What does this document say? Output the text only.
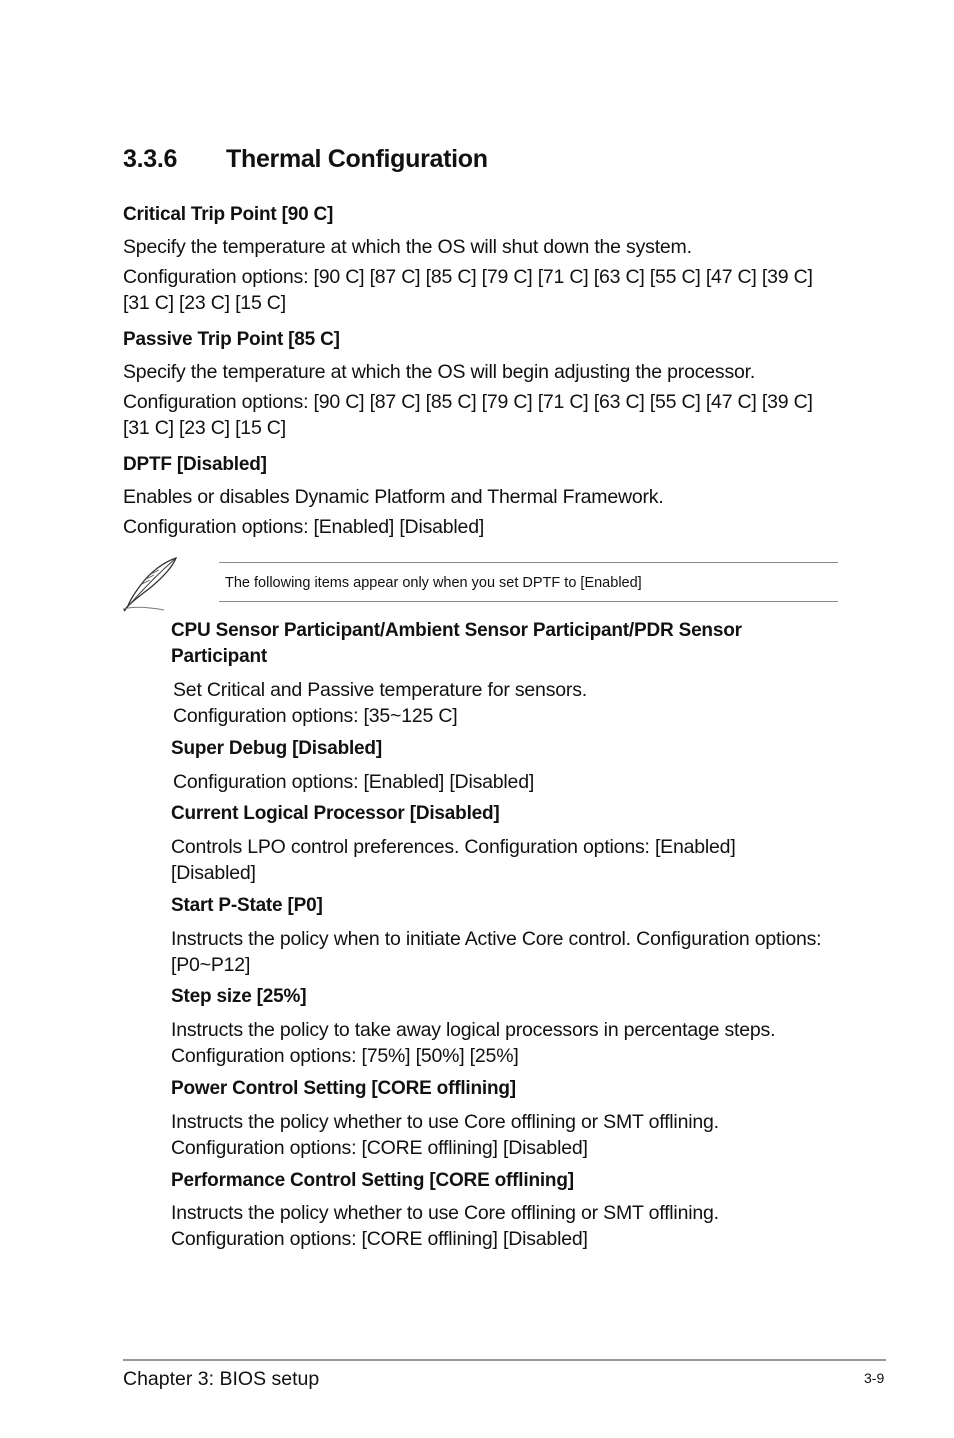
3.3.6 Thermal Configuration
Critical Trip Point [90 C]
Specify the temperature at which the OS will shut down the system.
Configuration options: [90 C] [87 C] [85 C] [79 C] [71 C] [63 C] [55 C] [47 C] [39 C]
[31 C] [23 C] [15 C]
Passive Trip Point [85 C]
Specify the temperature at which the OS will begin adjusting the processor.
Configuration options: [90 C] [87 C] [85 C] [79 C] [71 C] [63 C] [55 C] [47 C] [39 C]
[31 C] [23 C] [15 C]
DPTF [Disabled]
Enables or disables Dynamic Platform and Thermal Framework.
Configuration options: [Enabled] [Disabled]
The following items appear only when you set DPTF to [Enabled]
CPU Sensor Participant/Ambient Sensor Participant/PDR Sensor
Participant
Set Critical and Passive temperature for sensors.
Configuration options: [35~125 C]
Super Debug [Disabled]
Configuration options: [Enabled] [Disabled]
Current Logical Processor [Disabled]
Controls LPO control preferences. Configuration options: [Enabled]
[Disabled]
Start P-State [P0]
Instructs the policy when to initiate Active Core control. Configuration options:
[P0~P12]
Step size [25%]
Instructs the policy to take away logical processors in percentage steps.
Configuration options: [75%] [50%] [25%]
Power Control Setting [CORE offlining]
Instructs the policy whether to use Core offlining or SMT offlining.
Configuration options: [CORE offlining] [Disabled]
Performance Control Setting [CORE offlining]
Instructs the policy whether to use Core offlining or SMT offlining.
Configuration options: [CORE offlining] [Disabled]
Chapter 3: BIOS setup	3-9
